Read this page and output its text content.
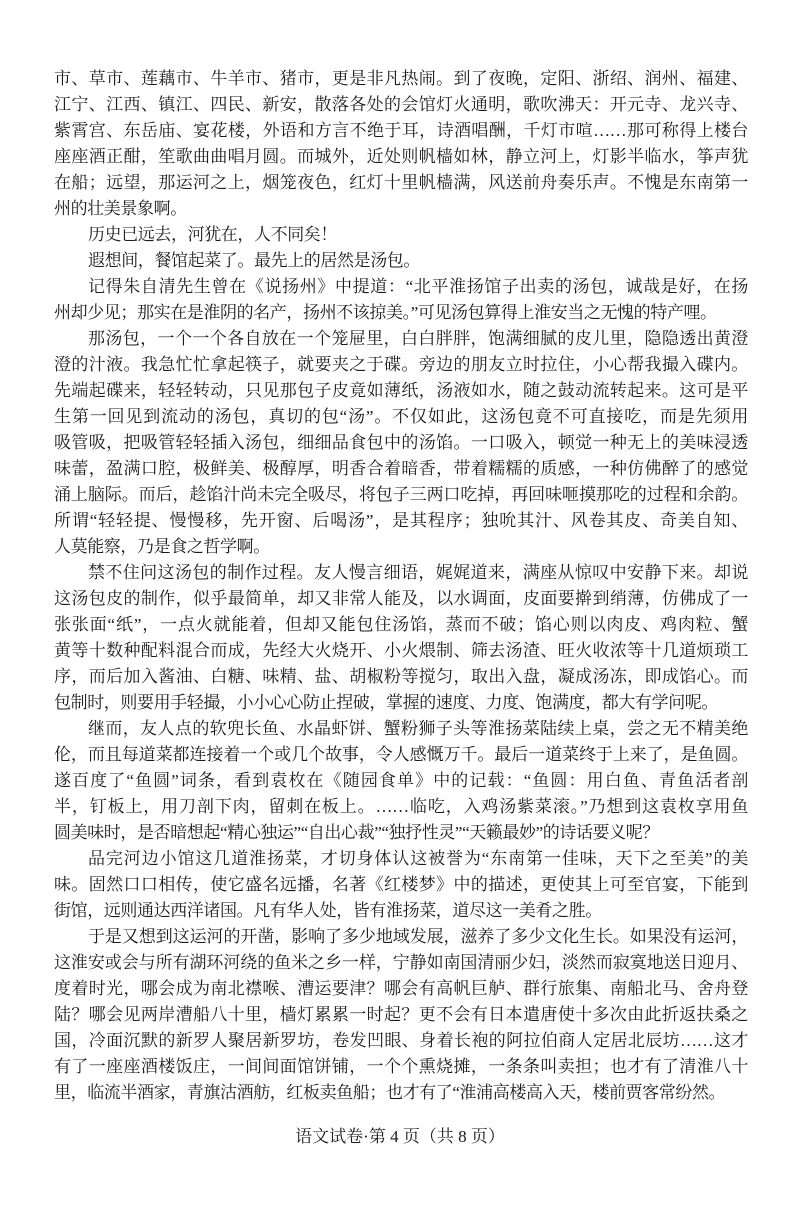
市、草市、莲藕市、牛羊市、猪市，更是非凡热闹。到了夜晚，定阳、浙绍、润州、福建、
江宁、江西、镇江、四民、新安，散落各处的会馆灯火通明，歌吹沸天：开元寺、龙兴寺、
紫霄宫、东岳庙、宴花楼，外语和方言不绝于耳，诗酒唱酬，千灯市喧……那可称得上楼台
座座酒正酣，笙歌曲曲唱月圆。而城外，近处则帆樯如林，静立河上，灯影半临水，筝声犹
在船；远望，那运河之上，烟笼夜色，红灯十里帆樯满，风送前舟奏乐声。不愧是东南第一
州的壮美景象啊。
历史已远去，河犹在，人不同矣！
遐想间，餐馆起菜了。最先上的居然是汤包。
记得朱自清先生曾在《说扬州》中提道：“北平淮扬馆子出卖的汤包，诚哉是好，在扬
州却少见；那实在是淮阴的名产，扬州不该掠美。”可见汤包算得上淮安当之无愧的特产哩。
那汤包，一个一个各自放在一个笼屉里，白白胖胖，饱满细腻的皮儿里，隐隐透出黄澄
澄的汁液。我急忙忙拿起筷子，就要夹之于碟。旁边的朋友立时拉住，小心帮我撮入碟内。
先端起碟来，轻轻转动，只见那包子皮竟如薄纸，汤液如水，随之鼓动流转起来。这可是平
生第一回见到流动的汤包，真切的包“汤”。不仅如此，这汤包竟不可直接吃，而是先须用
吸管吸，把吸管轻轻插入汤包，细细品食包中的汤馅。一口吸入，顿觉一种无上的美味浸透
味蕾，盈满口腔，极鲜美、极醇厚，明香合着暗香，带着糯糯的质感，一种仿佛醉了的感觉
涌上脑际。而后，趁馅汁尚未完全吸尽，将包子三两口吃掉，再回味咂摸那吃的过程和余韵。
所谓“轻轻提、慢慢移，先开窗、后喝汤”，是其程序；独吮其汁、风卷其皮、奇美自知、
人莫能察，乃是食之哲学啊。
禁不住问这汤包的制作过程。友人慢言细语，娓娓道来，满座从惊叹中安静下来。却说
这汤包皮的制作，似乎最简单，却又非常人能及，以水调面，皮面要擀到绡薄，仿佛成了一
张张面“纸”，一点火就能着，但却又能包住汤馅，蒸而不破；馅心则以肉皮、鸡肉粒、蟹
黄等十数种配料混合而成，先经大火烧开、小火煨制、筛去汤渣、旺火收浓等十几道烦琐工
序，而后加入酱油、白糖、味精、盐、胡椒粉等搅匀，取出入盘，凝成汤冻，即成馅心。而
包制时，则要用手轻撮，小小心心防止捏破，掌握的速度、力度、饱满度，都大有学问呢。
继而，友人点的软兜长鱼、水晶虾饼、蟹粉狮子头等淮扬菜陆续上桌，尝之无不精美绝
伦，而且每道菜都连接着一个或几个故事，令人感慨万千。最后一道菜终于上来了，是鱼圆。
遂百度了“鱼圆”词条，看到袁枚在《随园食单》中的记载：“鱼圆：用白鱼、青鱼活者剖
半，钉板上，用刀剖下肉，留刺在板上。……临吃，入鸡汤紫菜滚。”乃想到这袁枚享用鱼
圆美味时，是否暗想起“精心独运”“自出心裁”“独抒性灵”“天籁最妙”的诗话要义呢？
品完河边小馆这几道淮扬菜，才切身体认这被誉为“东南第一佳味，天下之至美”的美
味。固然口口相传，使它盛名远播，名著《红楼梦》中的描述，更使其上可至官宴，下能到
街馆，远则通达西洋诸国。凡有华人处，皆有淮扬菜，道尽这一美肴之胜。
于是又想到这运河的开凿，影响了多少地域发展，滋养了多少文化生长。如果没有运河，
这淮安或会与所有湖环河绕的鱼米之乡一样，宁静如南国清丽少妇，淡然而寂寞地送日迎月、
度着时光，哪会成为南北襟喉、漕运要津？哪会有高帆巨舻、群行旅集、南船北马、舍舟登
陆？哪会见两岸漕船八十里，樯灯累累一时起？更不会有日本遣唐使十多次由此折返扶桑之
国，冷面沉默的新罗人聚居新罗坊，卷发凹眼、身着长袍的阿拉伯商人定居北辰坊……这才
有了一座座酒楼饭庄，一间间面馆饼铺，一个个熏烧摊，一条条叫卖担；也才有了清淮八十
里，临流半酒家，青旗沽酒舫，红板卖鱼船；也才有了“淮浦高楼高入天，楼前贾客常纷然。
语文试卷·第 4 页（共 8 页）
